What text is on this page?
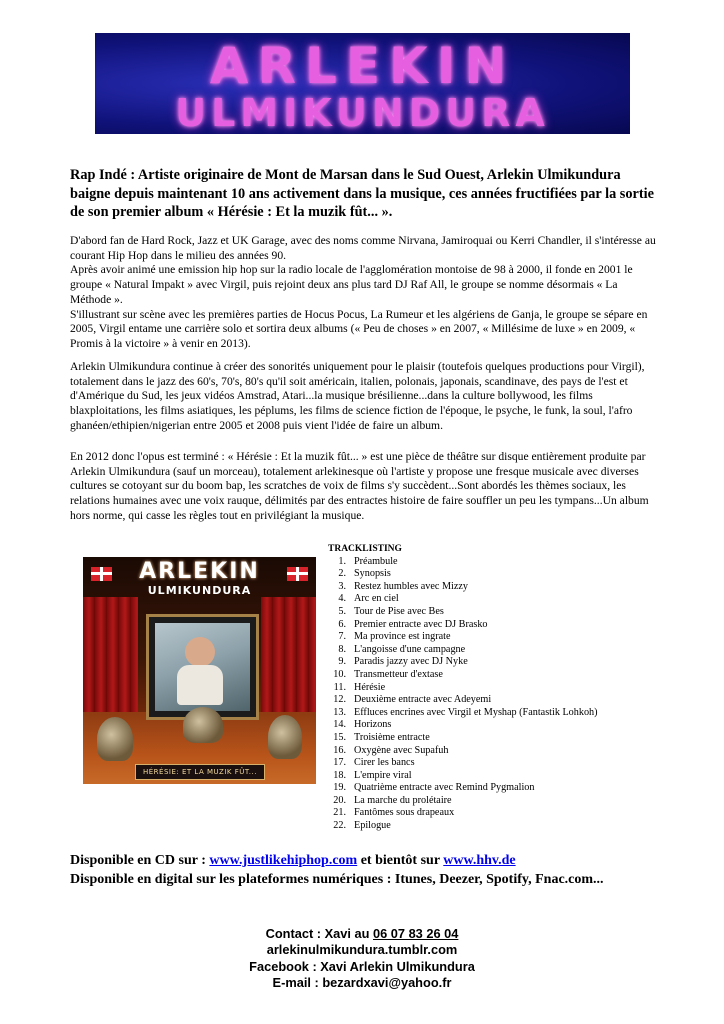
ARLEKIN
ULMIKUNDURA
Rap Indé : Artiste originaire de Mont de Marsan dans le Sud Ouest, Arlekin Ulmikundura baigne depuis maintenant 10 ans activement dans la musique, ces années fructifiées par la sortie de son premier album « Hérésie : Et la muzik fût... ».

D'abord fan de Hard Rock, Jazz et UK Garage, avec des noms comme Nirvana, Jamiroquai ou Kerri Chandler, il s'intéresse au courant Hip Hop dans le milieu des années 90.

Après avoir animé une emission hip hop sur la radio locale de l'agglomération montoise de 98 à 2000, il fonde en 2001 le groupe « Natural Impakt » avec Virgil, puis rejoint deux ans plus tard DJ Raf All, le groupe se nomme désormais « La Méthode ».

S'illustrant sur scène avec les premières parties de Hocus Pocus, La Rumeur et les algériens de Ganja, le groupe se sépare en 2005, Virgil entame une carrière solo et sortira deux albums (« Peu de choses » en 2007, « Millésime de luxe » en 2009, « Promis à la victoire » à venir en 2013).

Arlekin Ulmikundura continue à créer des sonorités uniquement pour le plaisir (toutefois quelques productions pour Virgil), totalement dans le jazz des 60's, 70's, 80's qu'il soit américain, italien, polonais, japonais, scandinave, des pays de l'est et d'Amérique du Sud, les jeux vidéos Amstrad, Atari...la musique brésilienne...dans la culture bollywood, les films blaxploitations, les films asiatiques, les péplums, les films de science fiction de l'époque, le psyche, le funk, la soul, l'afro ghanéen/ethipien/nigerian entre 2005 et 2008 puis vient l'idée de faire un album.

En 2012 donc l'opus est terminé : « Hérésie : Et la muzik fût... » est une pièce de théâtre sur disque entièrement produite par Arlekin Ulmikundura (sauf un morceau), totalement arlekinesque où l'artiste y propose une fresque musicale avec diverses cultures se cotoyant sur du boom bap, les scratches de voix de films s'y succèdent...Sont abordés les thèmes sociaux, les relations humaines avec une voix rauque, délimités par des entractes histoire de faire souffler un peu les tympans...Un album hors norme, qui casse les règles tout en privilégiant la musique.

ARLEKIN
ULMIKUNDURA
HÉRÉSIE: ET LA MUZIK FÛT...
TRACKLISTING
1. Préambule
2. Synopsis
3. Restez humbles avec Mizzy
4. Arc en ciel
5. Tour de Pise avec Bes
6. Premier entracte avec DJ Brasko
7. Ma province est ingrate
8. L'angoisse d'une campagne
9. Paradis jazzy avec DJ Nyke
10. Transmetteur d'extase
11. Hérésie
12. Deuxième entracte avec Adeyemi
13. Effluces encrines avec Virgil et Myshap (Fantastik Lohkoh)
14. Horizons
15. Troisième entracte
16. Oxygène avec Supafuh
17. Cirer les bancs
18. L'empire viral
19. Quatrième entracte avec Remind Pygmalion
20. La marche du prolétaire
21. Fantômes sous drapeaux
22. Epilogue
Disponible en CD sur : www.justlikehiphop.com et bientôt sur www.hhv.de
Disponible en digital sur les plateformes numériques : Itunes, Deezer, Spotify, Fnac.com...
Contact : Xavi au 06 07 83 26 04
arlekinulmikundura.tumblr.com
Facebook : Xavi Arlekin Ulmikundura
E-mail : bezardxavi@yahoo.fr
